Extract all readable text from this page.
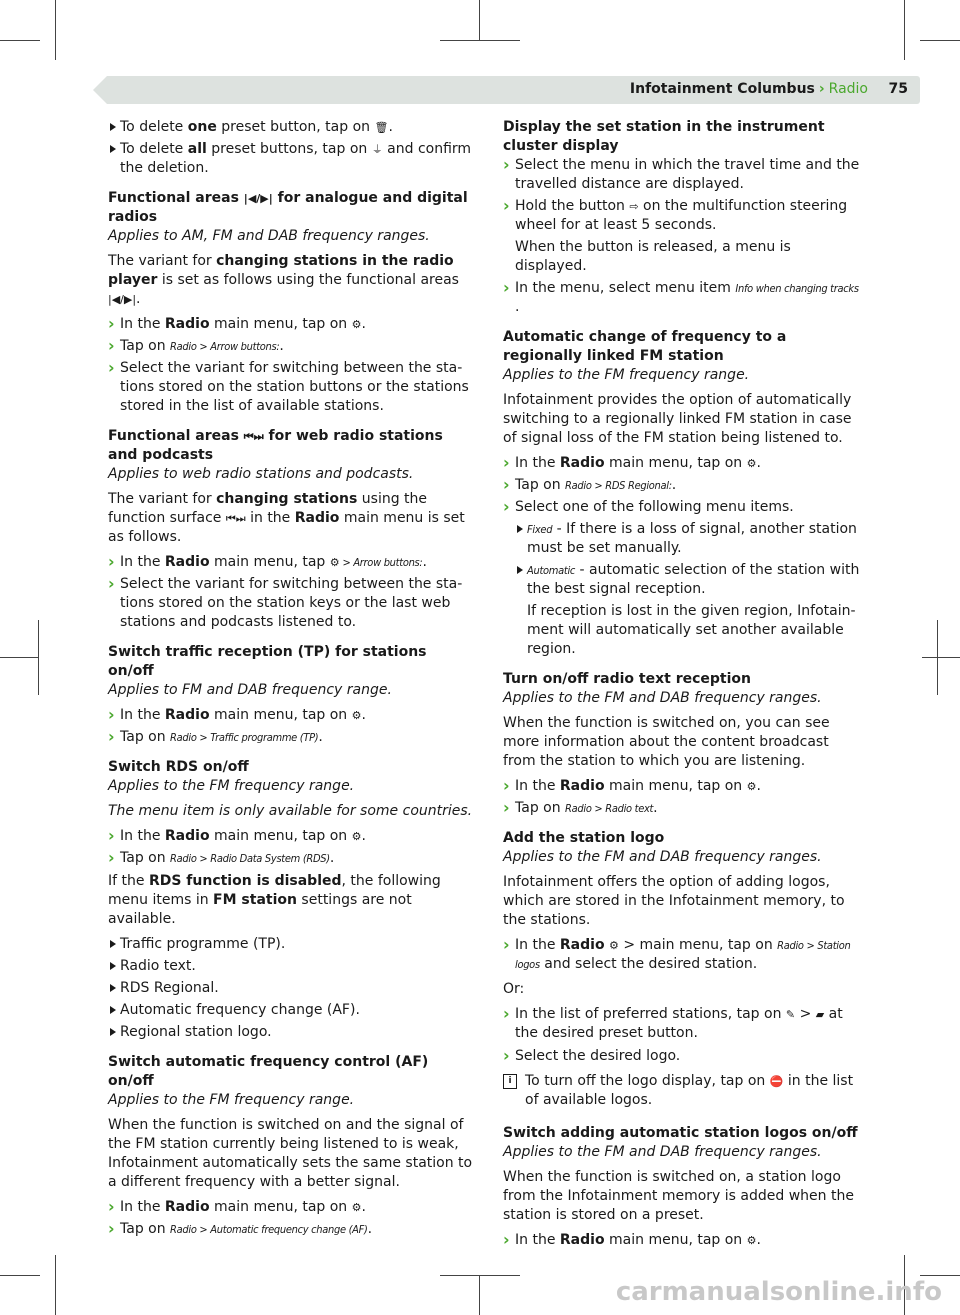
Infotainment Columbus › Radio 75
To delete one preset button, tap on 🗑.
To delete all preset buttons, tap on ⏚ and confirm the deletion.

Functional areas |◀/▶| for analogue and digital radios

Applies to AM, FM and DAB frequency ranges.

The variant for changing stations in the radio player is set as follows using the functional areas |◀/▶|.

› In the Radio main menu, tap on ⚙.
› Tap on Radio > Arrow buttons:.
› Select the variant for switching between the stations stored on the station buttons or the stations stored in the list of available stations.

Functional areas ⏮⏭ for web radio stations and podcasts

Applies to web radio stations and podcasts.

The variant for changing stations using the function surface ⏮⏭ in the Radio main menu is set as follows.

› In the Radio main menu, tap ⚙ > Arrow buttons:.
› Select the variant for switching between the stations stored on the station keys or the last web stations and podcasts listened to.

Switch traffic reception (TP) for stations on/off

Applies to FM and DAB frequency range.

› In the Radio main menu, tap on ⚙.
› Tap on Radio > Traffic programme (TP).

Switch RDS on/off

Applies to the FM frequency range.

The menu item is only available for some countries.

› In the Radio main menu, tap on ⚙.
› Tap on Radio > Radio Data System (RDS).

If the RDS function is disabled, the following menu items in FM station settings are not available.

Traffic programme (TP).
Radio text.
RDS Regional.
Automatic frequency change (AF).
Regional station logo.

Switch automatic frequency control (AF) on/off

Applies to the FM frequency range.

When the function is switched on and the signal of the FM station currently being listened to is weak, Infotainment automatically sets the same station to a different frequency with a better signal.

› In the Radio main menu, tap on ⚙.
› Tap on Radio > Automatic frequency change (AF).

Display the set station in the instrument cluster display

› Select the menu in which the travel time and the travelled distance are displayed.
› Hold the button ⇨ on the multifunction steering wheel for at least 5 seconds.

When the button is released, a menu is displayed.

› In the menu, select menu item Info when changing tracks .

Automatic change of frequency to a regionally linked FM station

Applies to the FM frequency range.

Infotainment provides the option of automatically switching to a regionally linked FM station in case of signal loss of the FM station being listened to.

› In the Radio main menu, tap on ⚙.
› Tap on Radio > RDS Regional:.
› Select one of the following menu items.
Fixed - If there is a loss of signal, another station must be set manually.
Automatic - automatic selection of the station with the best signal reception.

If reception is lost in the given region, Infotainment will automatically set another available region.

Turn on/off radio text reception

Applies to the FM and DAB frequency ranges.

When the function is switched on, you can see more information about the content broadcast from the station to which you are listening.

› In the Radio main menu, tap on ⚙.
› Tap on Radio > Radio text.

Add the station logo

Applies to the FM and DAB frequency ranges.

Infotainment offers the option of adding logos, which are stored in the Infotainment memory, to the stations.

› In the Radio ⚙ > main menu, tap on Radio > Station logos and select the desired station.

Or:

› In the list of preferred stations, tap on ✎ > ▰ at the desired preset button.
› Select the desired logo.
i To turn off the logo display, tap on ⛔ in the list of available logos.

Switch adding automatic station logos on/off

Applies to the FM and DAB frequency ranges.

When the function is switched on, a station logo from the Infotainment memory is added when the station is stored on a preset.

› In the Radio main menu, tap on ⚙.
carmanualsonline.info
